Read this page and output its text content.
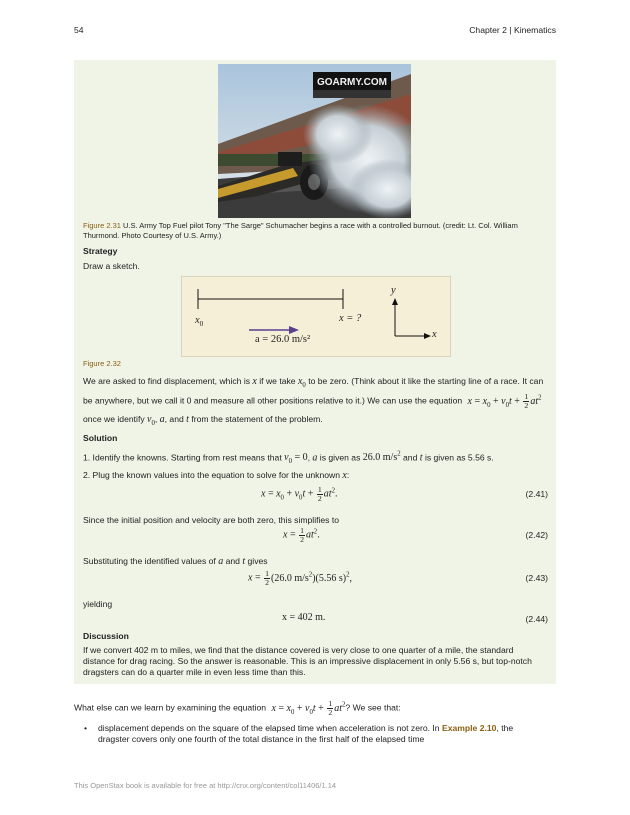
54	Chapter 2 | Kinematics
GOARMY.COM
Figure 2.31 U.S. Army Top Fuel pilot Tony "The Sarge" Schumacher begins a race with a controlled burnout. (credit: Lt. Col. William Thurmond. Photo Courtesy of U.S. Army.)
Strategy
Draw a sketch.
$x_0$
x = ?
a = 26.0 m/s²
y
x
Figure 2.32
We are asked to find displacement, which is x if we take $x_0$ to be zero. (Think about it like the starting line of a race. It can
be anywhere, but we call it 0 and measure all other positions relative to it.) We can use the equation $x = x_0 + v_0t + \frac{1}{2} at^2$
once we identify $v_0$, a, and t from the statement of the problem.
Solution
1. Identify the knowns. Starting from rest means that $v_0 = 0$, a is given as 26.0 $m/s^2$ and t is given as 5.56 s.
2. Plug the known values into the equation to solve for the unknown x:
$x = x_0 + v_0t + \frac{1}{2} at^2$.	(2.41)
Since the initial position and velocity are both zero, this simplifies to
$x = \frac{1}{2} at^2$.	(2.42)
Substituting the identified values of a and t gives
$x = \frac{1}{2} (26.0$ $m/s^2)(5.56$ s)$^2$,	(2.43)
yielding
x = 402 m.	(2.44)
Discussion
If we convert 402 m to miles, we find that the distance covered is very close to one quarter of a mile, the standard distance for drag racing. So the answer is reasonable. This is an impressive displacement in only 5.56 s, but top-notch dragsters can do a quarter mile in even less time than this.
What else can we learn by examining the equation $x = x_0 + v_0t + \frac{1}{2} at^2$? We see that:
• displacement depends on the square of the elapsed time when acceleration is not zero. In Example 2.10, the dragster covers only one fourth of the total distance in the first half of the elapsed time
This OpenStax book is available for free at http://cnx.org/content/col11406/1.14
